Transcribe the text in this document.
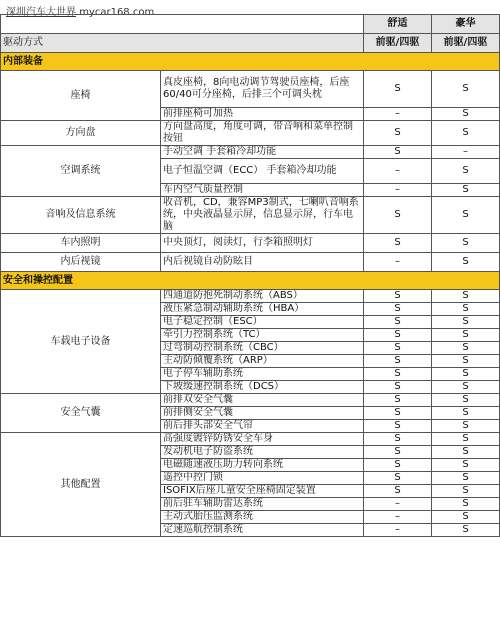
深圳汽车大世界 mycar168.com
		舒适	豪华
驱动方式		前驱/四驱	前驱/四驱
内部装备			
座椅	真皮座椅，8向电动调节驾驶员座椅，后座60/40可分座椅，后排三个可调头枕	S	S
	前排座椅可加热	–	S
方向盘	方向盘高度，角度可调，带音响和菜单控制按钮	S	S
空调系统	手动空调 手套箱冷却功能	S	–
	电子恒温空调（ECC） 手套箱冷却功能	–	S
	车内空气质量控制	–	S
音响及信息系统	收音机，CD，兼容MP3制式，七喇叭音响系统，中央液晶显示屏，信息显示屏，行车电脑	S	S
车内照明	中央顶灯，阅读灯，行李箱照明灯	S	S
内后视镜	内后视镜自动防眩目	–	S
安全和操控配置			
车载电子设备	四通道防抱死制动系统（ABS）	S	S
	液压紧急制动辅助系统（HBA）	S	S
	电子稳定控制（ESC）	S	S
	牵引力控制系统（TC）	S	S
	过弯制动控制系统（CBC）	S	S
	主动防倾覆系统（ARP）	S	S
	电子停车辅助系统	S	S
	下坡缓速控制系统（DCS）	S	S
安全气囊	前排双安全气囊	S	S
	前排侧安全气囊	S	S
	前后排头部安全气帘	S	S
其他配置	高强度镀锌防锈安全车身	S	S
	发动机电子防盗系统	S	S
	电磁随速液压助力转向系统	S	S
	遥控中控门锁	S	S
	ISOFIX后座儿童安全座椅固定装置	S	S
	前后驻车辅助雷达系统	–	S
	主动式胎压监测系统	–	S
	定速巡航控制系统	–	S
